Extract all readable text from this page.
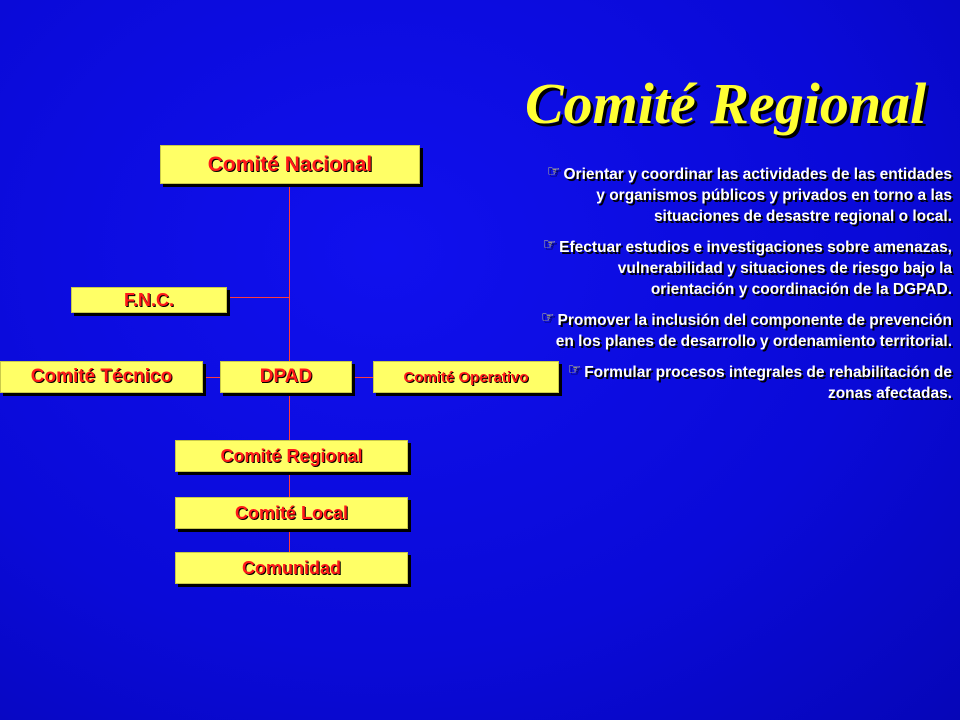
Comité Regional
Comité Nacional
F.N.C.
Comité Técnico	DPAD	Comité Operativo
Comité Regional
Comité Local
Comunidad

☞ Orientar y coordinar las actividades de las entidades y organismos públicos y privados en torno a las situaciones de desastre regional o local.

☞ Efectuar estudios e investigaciones sobre amenazas, vulnerabilidad y situaciones de riesgo bajo la orientación y coordinación de la DGPAD.

☞ Promover la inclusión del componente de prevención en los planes de desarrollo y ordenamiento territorial.

☞ Formular procesos integrales de rehabilitación de zonas afectadas.
